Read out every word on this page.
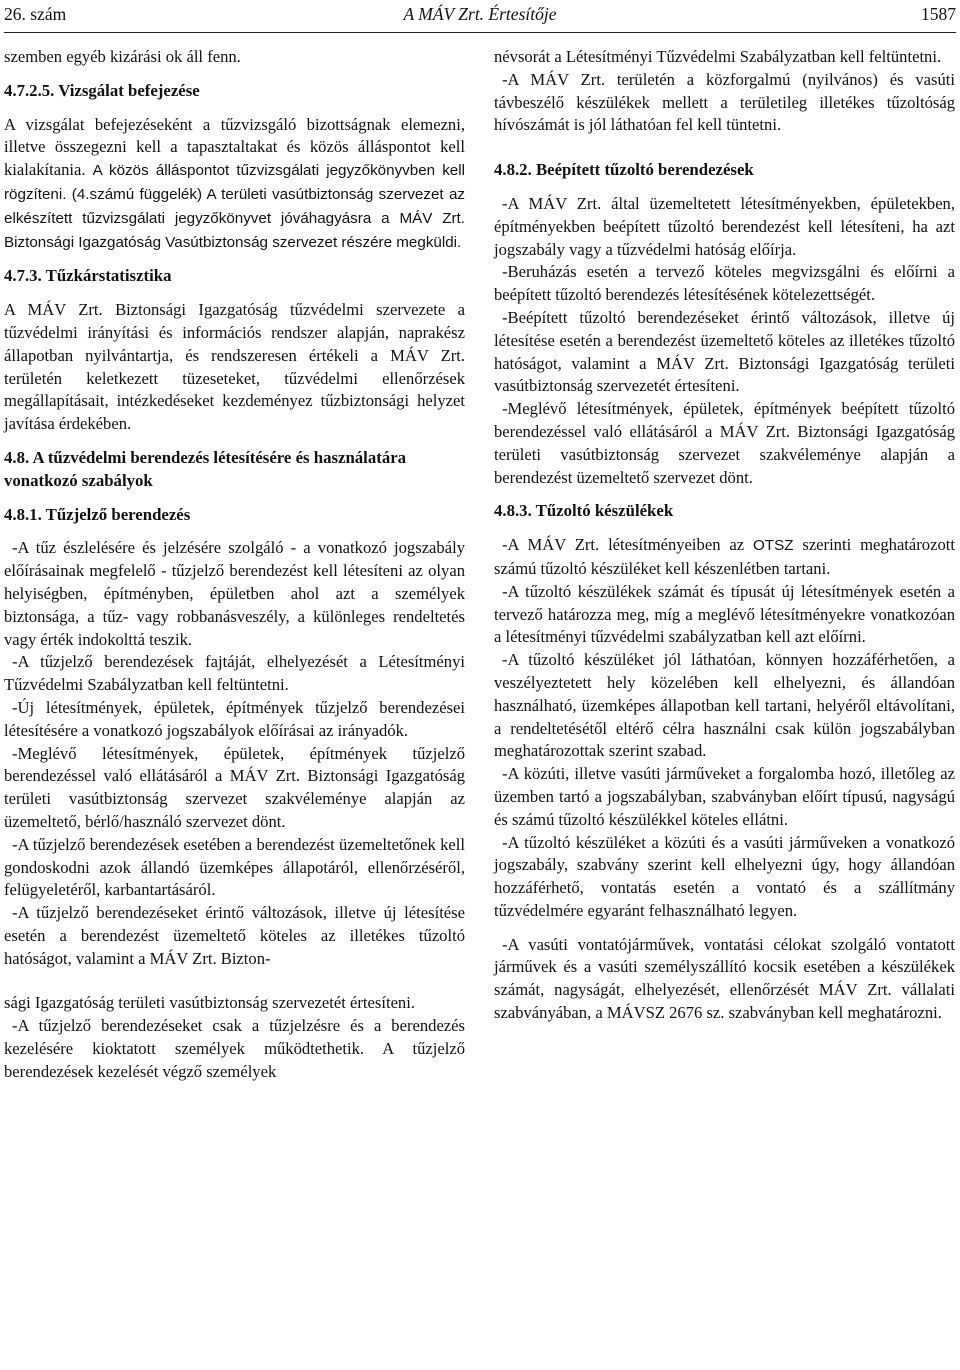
26. szám	A MÁV Zrt. Értesítője	1587

szemben egyéb kizárási ok áll fenn.

4.7.2.5. Vizsgálat befejezése

A vizsgálat befejezéseként a tűzvizsgáló bizottságnak elemezni, illetve összegezni kell a tapasztaltakat és közös álláspontot kell kialakítania. A közös álláspontot tűzvizsgálati jegyzőkönyvben kell rögzíteni. (4.számú függelék) A területi vasútbiztonság szervezet az elkészített tűzvizsgálati jegyzőkönyvet jóváhagyásra a MÁV Zrt. Biztonsági Igazgatóság Vasútbiztonság szervezet részére megküldi.

4.7.3. Tűzkárstatisztika

A MÁV Zrt. Biztonsági Igazgatóság tűzvédelmi szervezete a tűzvédelmi irányítási és információs rendszer alapján, naprakész állapotban nyilvántartja, és rendszeresen értékeli a MÁV Zrt. területén keletkezett tüzeseteket, tűzvédelmi ellenőrzések megállapításait, intézkedéseket kezdeményez tűzbiztonsági helyzet javítása érdekében.

4.8. A tűzvédelmi berendezés létesítésére és használatára vonatkozó szabályok
4.8.1. Tűzjelző berendezés

-A tűz észlelésére és jelzésére szolgáló - a vonatkozó jogszabály előírásainak megfelelő - tűzjelző berendezést kell létesíteni az olyan helyiségben, építményben, épületben ahol azt a személyek biztonsága, a tűz- vagy robbanásveszély, a különleges rendeltetés vagy érték indokolttá teszik.

-A tűzjelző berendezések fajtáját, elhelyezését a Létesítményi Tűzvédelmi Szabályzatban kell feltüntetni.

-Új létesítmények, épületek, építmények tűzjelző berendezései létesítésére a vonatkozó jogszabályok előírásai az irányadók.

-Meglévő létesítmények, épületek, építmények tűzjelző berendezéssel való ellátásáról a MÁV Zrt. Biztonsági Igazgatóság területi vasútbiztonság szervezet szakvéleménye alapján az üzemeltető, bérlő/használó szervezet dönt.

-A tűzjelző berendezések esetében a berendezést üzemeltetőnek kell gondoskodni azok állandó üzemképes állapotáról, ellenőrzéséről, felügyeletéről, karbantartásáról.

-A tűzjelző berendezéseket érintő változások, illetve új létesítése esetén a berendezést üzemeltető köteles az illetékes tűzoltó hatóságot, valamint a MÁV Zrt. Bizton-

sági Igazgatóság területi vasútbiztonság szervezetét értesíteni.

-A tűzjelző berendezéseket csak a tűzjelzésre és a berendezés kezelésére kioktatott személyek működtethetik. A tűzjelző berendezések kezelését végző személyek

névsorát a Létesítményi Tűzvédelmi Szabályzatban kell feltüntetni.

-A MÁV Zrt. területén a közforgalmú (nyilvános) és vasúti távbeszélő készülékek mellett a területileg illetékes tűzoltóság hívószámát is jól láthatóan fel kell tüntetni.

4.8.2. Beépített tűzoltó berendezések

-A MÁV Zrt. által üzemeltetett létesítményekben, épületekben, építményekben beépített tűzoltó berendezést kell létesíteni, ha azt jogszabály vagy a tűzvédelmi hatóság előírja.

-Beruházás esetén a tervező köteles megvizsgálni és előírni a beépített tűzoltó berendezés létesítésének kötelezettségét.

-Beépített tűzoltó berendezéseket érintő változások, illetve új létesítése esetén a berendezést üzemeltető köteles az illetékes tűzoltó hatóságot, valamint a MÁV Zrt. Biztonsági Igazgatóság területi vasútbiztonság szervezetét értesíteni.

-Meglévő létesítmények, épületek, építmények beépített tűzoltó berendezéssel való ellátásáról a MÁV Zrt. Biztonsági Igazgatóság területi vasútbiztonság szervezet szakvéleménye alapján a berendezést üzemeltető szervezet dönt.

4.8.3. Tűzoltó készülékek

-A MÁV Zrt. létesítményeiben az OTSZ szerinti meghatározott számú tűzoltó készüléket kell készenlétben tartani.

-A tűzoltó készülékek számát és típusát új létesítmények esetén a tervező határozza meg, míg a meglévő létesítményekre vonatkozóan a létesítményi tűzvédelmi szabályzatban kell azt előírni.

-A tűzoltó készüléket jól láthatóan, könnyen hozzáférhetően, a veszélyeztetett hely közelében kell elhelyezni, és állandóan használható, üzemképes állapotban kell tartani, helyéről eltávolítani, a rendeltetésétől eltérő célra használni csak külön jogszabályban meghatározottak szerint szabad.

-A közúti, illetve vasúti járműveket a forgalomba hozó, illetőleg az üzemben tartó a jogszabályban, szabványban előírt típusú, nagyságú és számú tűzoltó készülékkel köteles ellátni.

-A tűzoltó készüléket a közúti és a vasúti járműveken a vonatkozó jogszabály, szabvány szerint kell elhelyezni úgy, hogy állandóan hozzáférhető, vontatás esetén a vontató és a szállítmány tűzvédelmére egyaránt felhasználható legyen.

-A vasúti vontatójárművek, vontatási célokat szolgáló vontatott járművek és a vasúti személyszállító kocsik esetében a készülékek számát, nagyságát, elhelyezését, ellenőrzését MÁV Zrt. vállalati szabványában, a MÁVSZ 2676 sz. szabványban kell meghatározni.
